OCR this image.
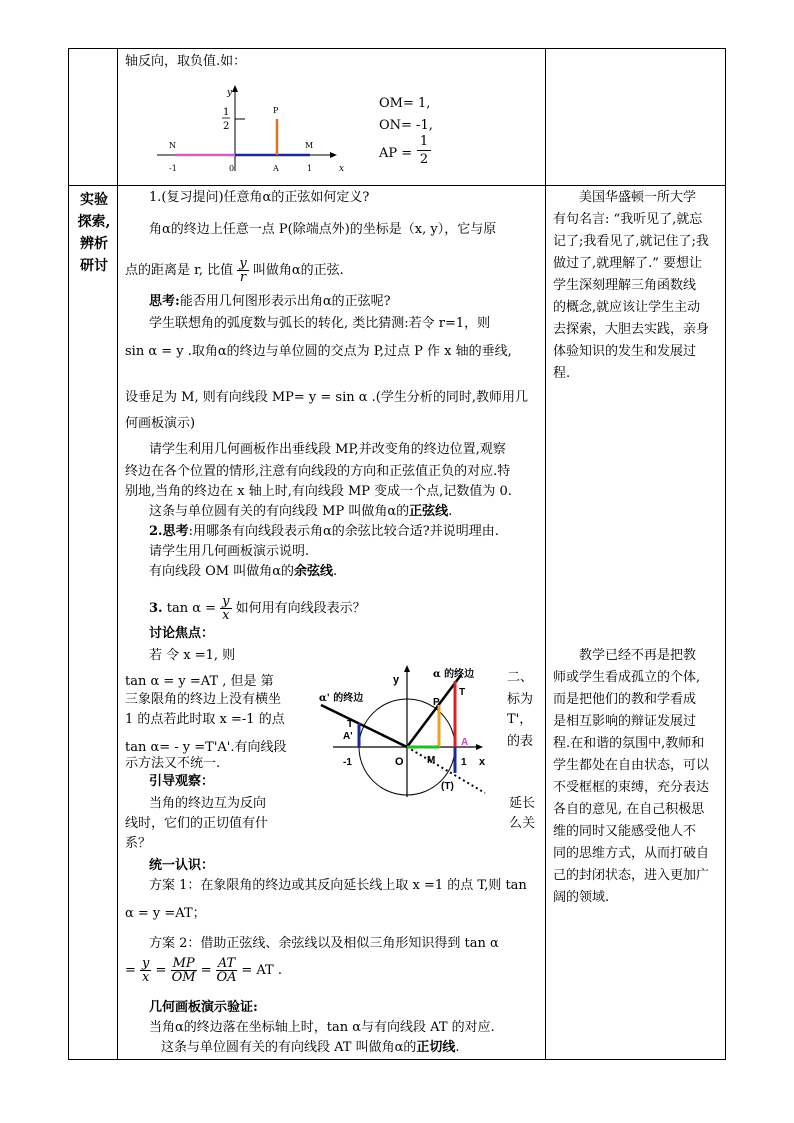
轴反向，取负值.如：
y
x
1
2
P
N	M
-1	0	A	1
OM= 1,
ON= -1,
AP = $\frac{1}{2}$
实验
探索,
辨析
研讨
1.(复习提问)任意角α的正弦如何定义?
角α的终边上任意一点 P(除端点外)的坐标是（x, y），它与原
点的距离是 r, 比值 $\frac{y}{r}$ 叫做角α的正弦.
思考:能否用几何图形表示出角α的正弦呢?
学生联想角的弧度数与弧长的转化, 类比猜测:若令 r=1，则
sin α = y .取角α的终边与单位圆的交点为 P,过点 P 作 x 轴的垂线,
设垂足为 M, 则有向线段 MP= y = sin α .(学生分析的同时,教师用几
何画板演示)
请学生利用几何画板作出垂线段 MP,并改变角的终边位置,观察
终边在各个位置的情形,注意有向线段的方向和正弦值正负的对应.特
别地,当角的终边在 x 轴上时,有向线段 MP 变成一个点,记数值为 0.
这条与单位圆有关的有向线段 MP 叫做角α的正弦线.
2.思考:用哪条有向线段表示角α的余弦比较合适?并说明理由.
请学生用几何画板演示说明.
有向线段 OM 叫做角α的余弦线.
3. $\tan \alpha = \frac{y}{x}$ 如何用有向线段表示？
讨论焦点：
若 令 x =1, 则
tan α = y =AT , 但是 第	二、
三象限角的终边上没有横坐	标为
1 的点若此时取 x =-1 的点	T'，
tan α= - y =T'A'.有向线段	的表
示方法又不统一.
引导观察：
当角的终边互为反向	延长
线时，它们的正切值有什	么关
系？
y
x
α 的终边
α' 的终边
T
P
T'
A'
A
-1	O M	1
(T)
统一认识：
方案 1：在象限角的终边或其反向延长线上取 x =1 的点 T,则 tan
α = y =AT；
方案 2：借助正弦线、余弦线以及相似三角形知识得到 tan α
= $\frac{y}{x} = \frac{MP}{OM} = \frac{AT}{OA}$ = AT .
几何画板演示验证:
当角α的终边落在坐标轴上时，tan α与有向线段 AT 的对应.
这条与单位圆有关的有向线段 AT 叫做角α的正切线.
美国华盛顿一所大学
有句名言: “我听见了,就忘
记了;我看见了,就记住了;我
做过了,就理解了.” 要想让
学生深刻理解三角函数线
的概念,就应该让学生主动
去探索，大胆去实践，亲身
体验知识的发生和发展过
程.
教学已经不再是把教
师或学生看成孤立的个体,
而是把他们的教和学看成
是相互影响的辩证发展过
程.在和谐的氛围中,教师和
学生都处在自由状态，可以
不受框框的束缚，充分表达
各自的意见, 在自己积极思
维的同时又能感受他人不
同的思维方式，从而打破自
己的封闭状态，进入更加广
阔的领域.
